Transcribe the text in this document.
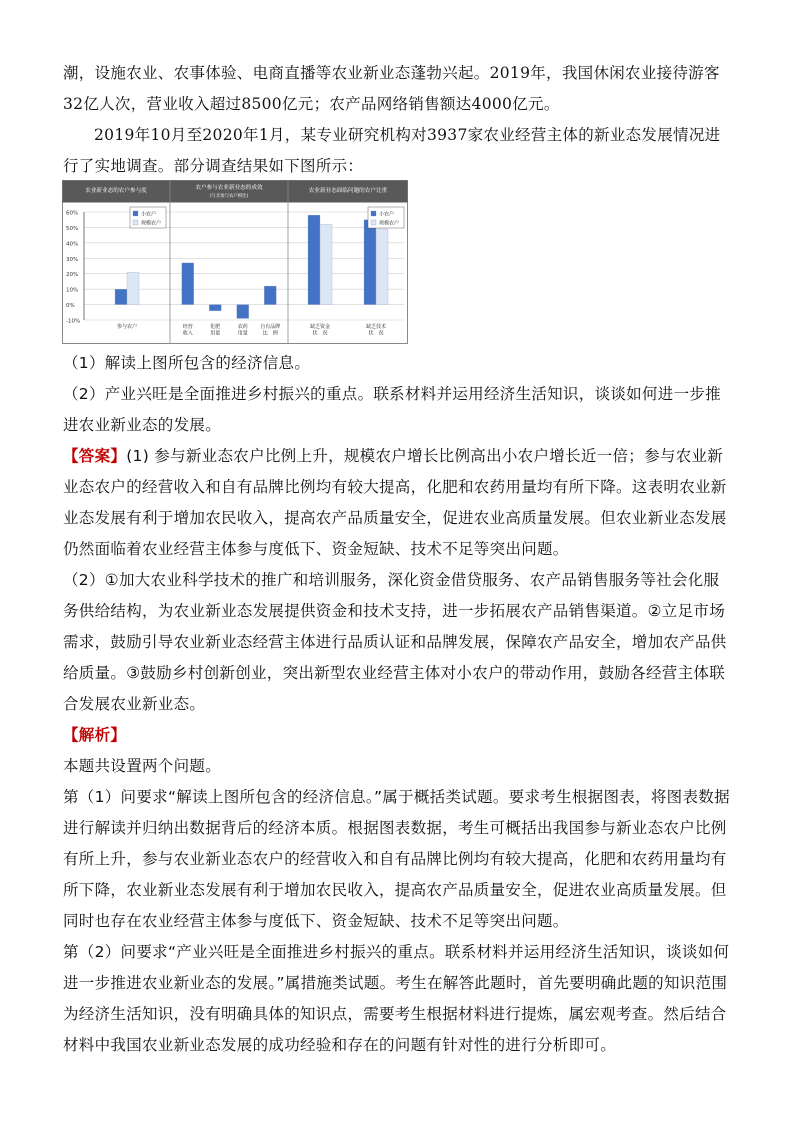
潮，设施农业、农事体验、电商直播等农业新业态蓬勃兴起。2019年，我国休闲农业接待游客32亿人次，营业收入超过8500亿元；农产品网络销售额达4000亿元。

2019年10月至2020年1月，某专业研究机构对3937家农业经营主体的新业态发展情况进行了实地调查。部分调查结果如下图所示：

60%
50%
40%
30%
20%
10%
0%
-10%
农业新业态的农户参与度
参与农户
小农户
规模农户
农户参与农业新业态的成效
(与未参与农户相比)
经营
收入
化肥
用量
农药
用量
自有品牌
比　例
农业新业态面临问题的农户比重
缺乏资金
状　况
缺乏技术
状　况
小农户
规模农户

（1）解读上图所包含的经济信息。

（2）产业兴旺是全面推进乡村振兴的重点。联系材料并运用经济生活知识，谈谈如何进一步推进农业新业态的发展。

【答案】(1) 参与新业态农户比例上升，规模农户增长比例高出小农户增长近一倍；参与农业新业态农户的经营收入和自有品牌比例均有较大提高，化肥和农药用量均有所下降。这表明农业新业态发展有利于增加农民收入，提高农产品质量安全，促进农业高质量发展。但农业新业态发展仍然面临着农业经营主体参与度低下、资金短缺、技术不足等突出问题。

（2）①加大农业科学技术的推广和培训服务，深化资金借贷服务、农产品销售服务等社会化服务供给结构，为农业新业态发展提供资金和技术支持，进一步拓展农产品销售渠道。②立足市场需求，鼓励引导农业新业态经营主体进行品质认证和品牌发展，保障农产品安全，增加农产品供给质量。③鼓励乡村创新创业，突出新型农业经营主体对小农户的带动作用，鼓励各经营主体联合发展农业新业态。

【解析】

本题共设置两个问题。

第（1）问要求“解读上图所包含的经济信息。”属于概括类试题。要求考生根据图表，将图表数据进行解读并归纳出数据背后的经济本质。根据图表数据，考生可概括出我国参与新业态农户比例有所上升，参与农业新业态农户的经营收入和自有品牌比例均有较大提高，化肥和农药用量均有所下降，农业新业态发展有利于增加农民收入，提高农产品质量安全，促进农业高质量发展。但同时也存在农业经营主体参与度低下、资金短缺、技术不足等突出问题。

第（2）问要求“产业兴旺是全面推进乡村振兴的重点。联系材料并运用经济生活知识，谈谈如何进一步推进农业新业态的发展。”属措施类试题。考生在解答此题时，首先要明确此题的知识范围为经济生活知识，没有明确具体的知识点，需要考生根据材料进行提炼，属宏观考查。然后结合材料中我国农业新业态发展的成功经验和存在的问题有针对性的进行分析即可。
